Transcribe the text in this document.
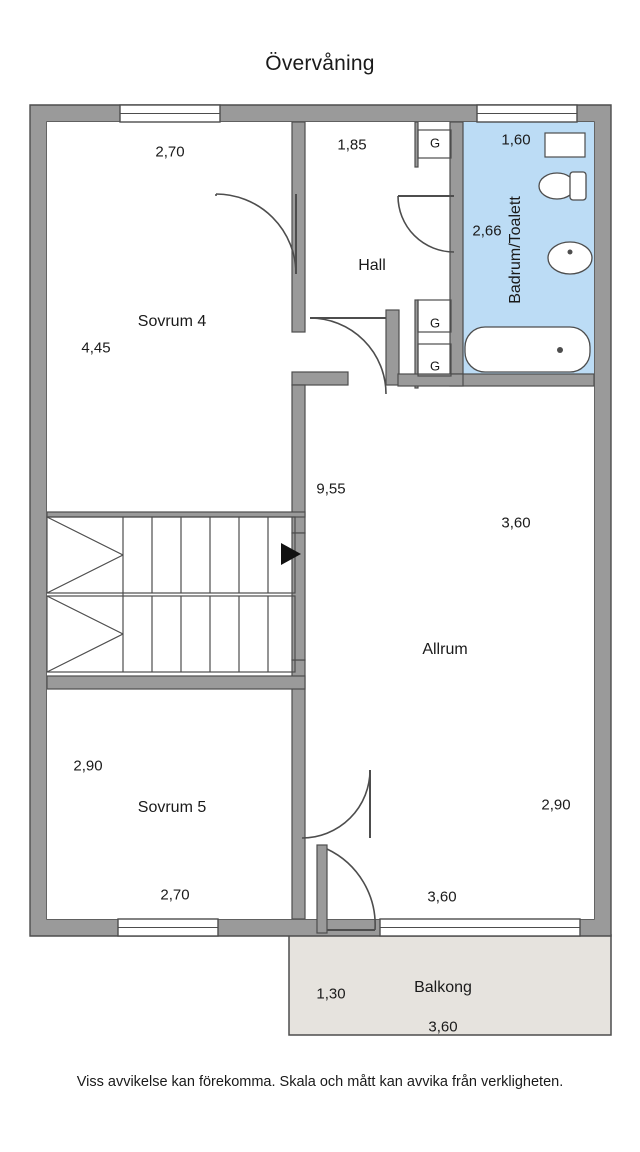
Övervåning
Sovrum 4
Hall	Badrum/Toalett
Allrum
Sovrum 5
Balkong
2,70	1,85	1,60
2,66
4,45
9,55
3,60
2,90
2,90
2,70	3,60
1,30
3,60
G
G
G
Viss avvikelse kan förekomma. Skala och mått kan avvika från verkligheten.
